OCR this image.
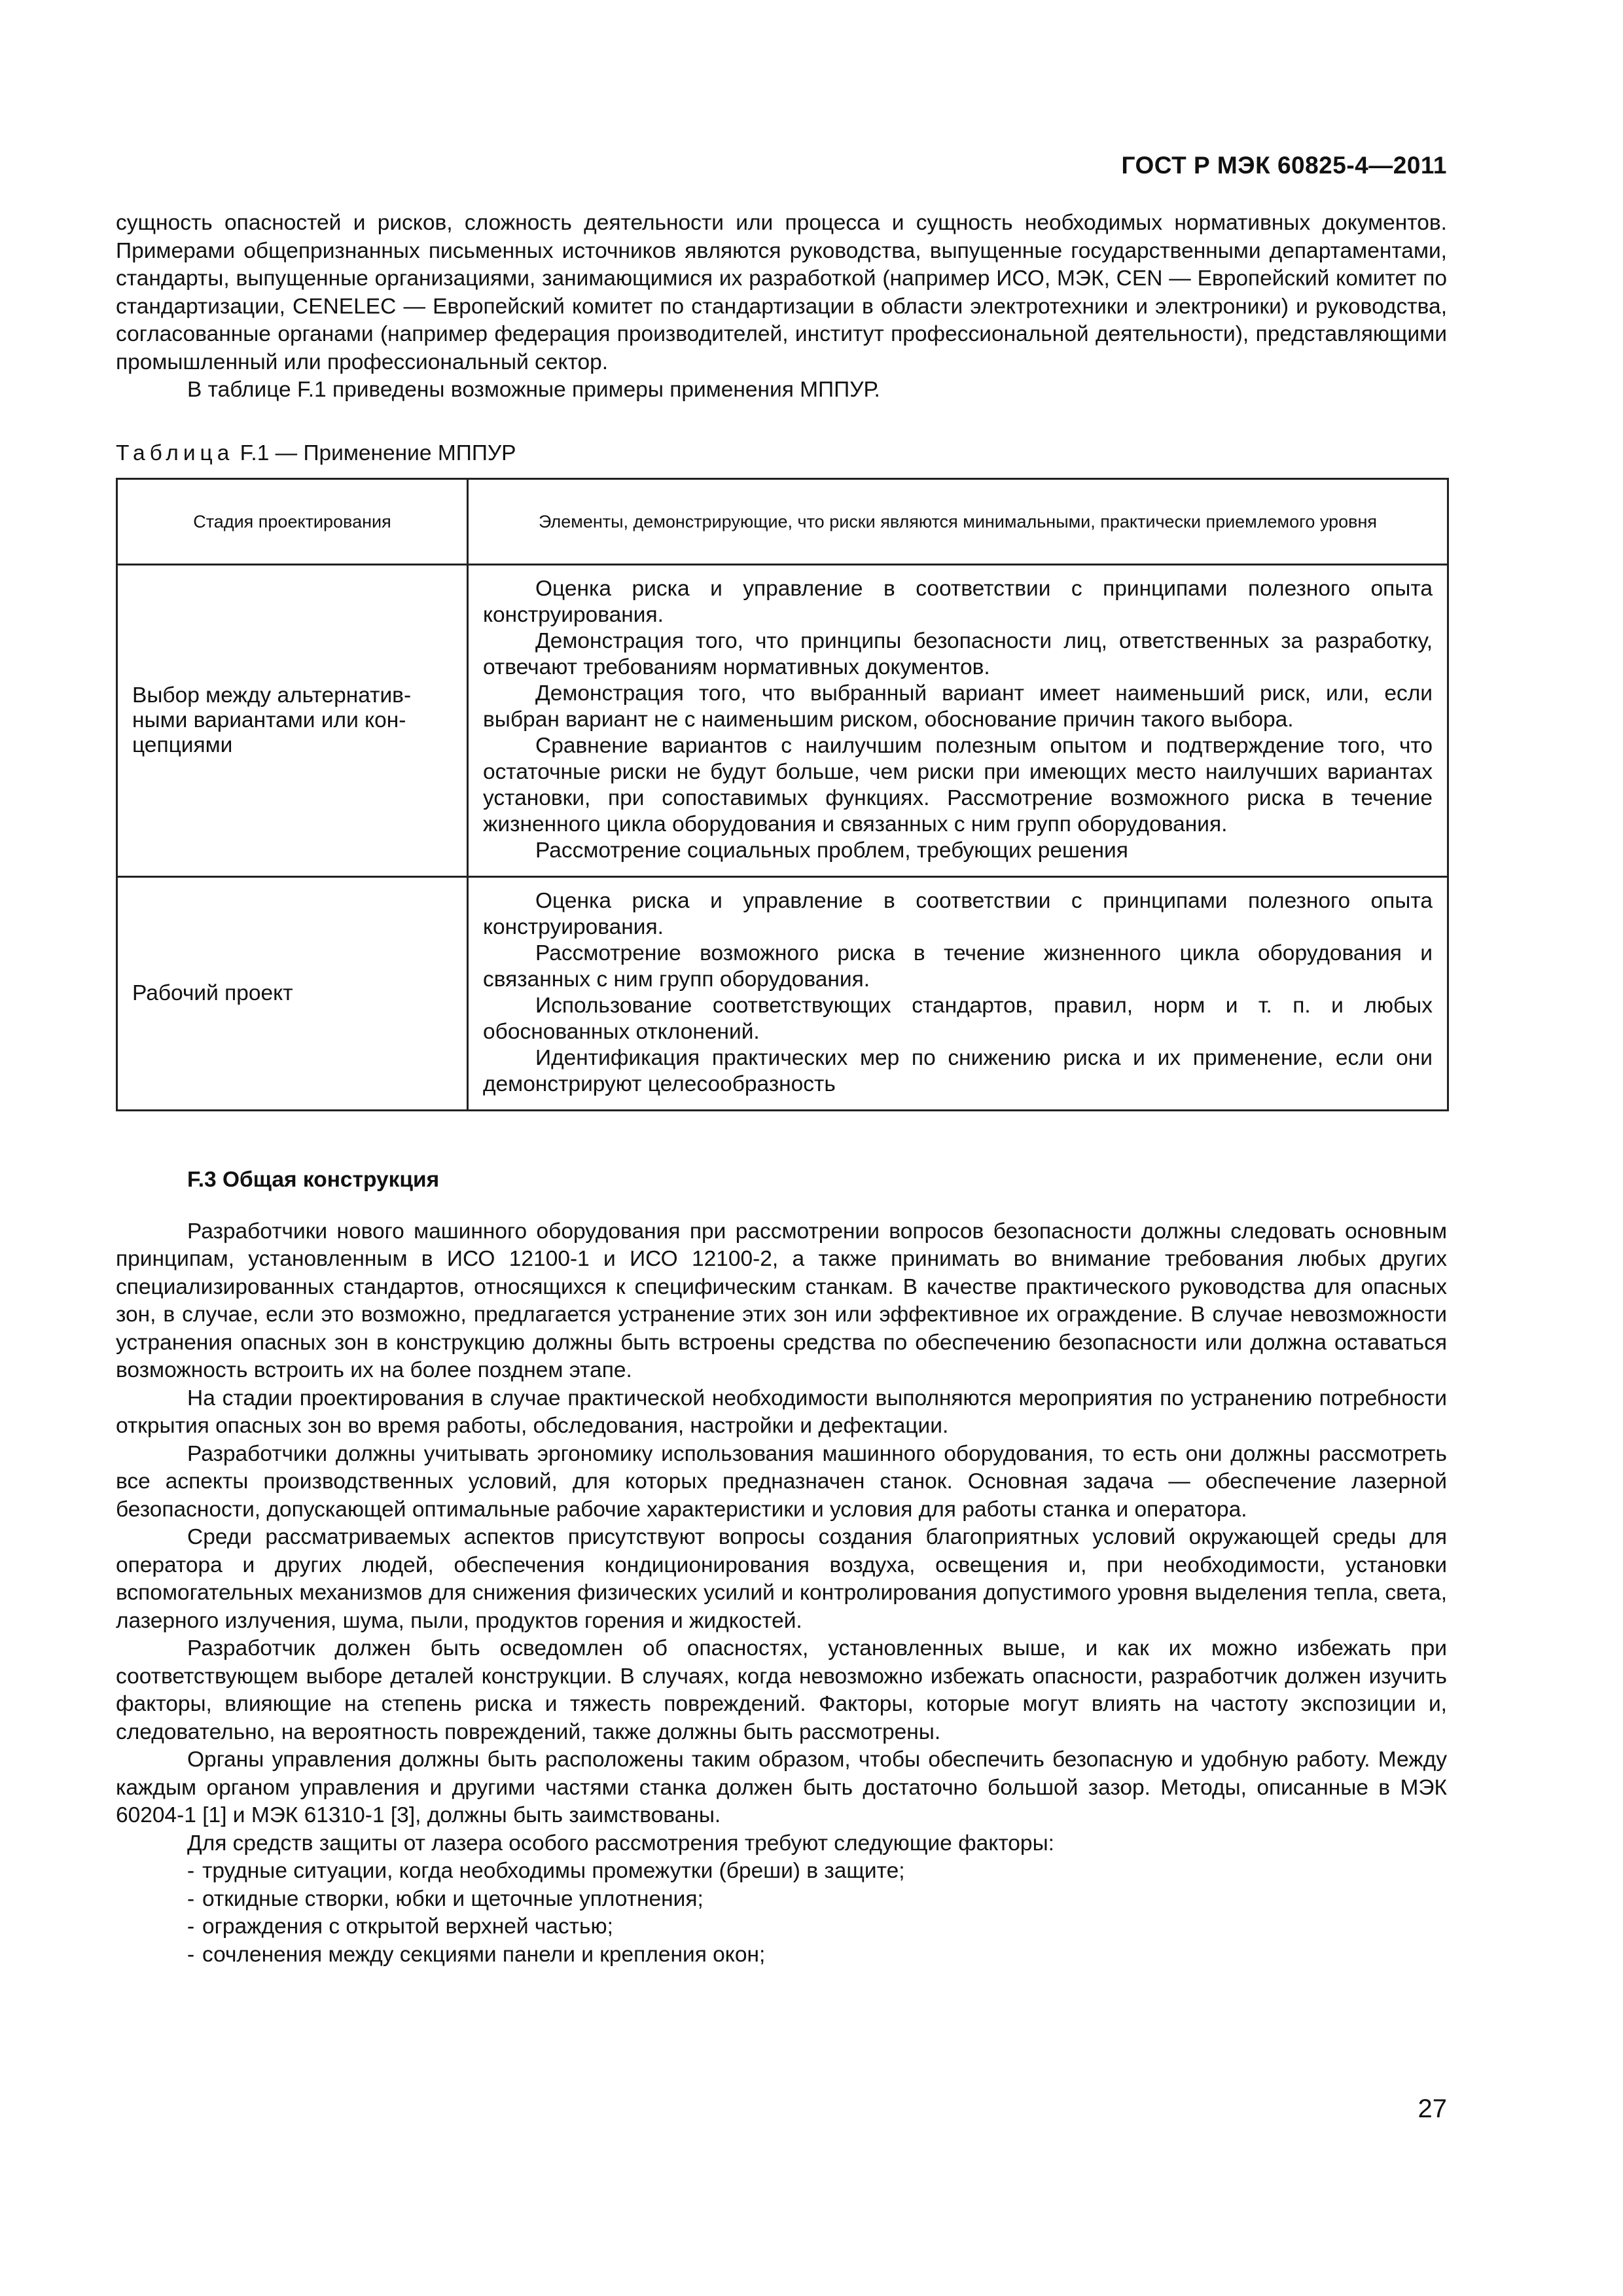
ГОСТ Р МЭК 60825-4—2011

сущность опасностей и рисков, сложность деятельности или процесса и сущность необходимых нормативных документов. Примерами общепризнанных письменных источников являются руководства, выпущенные государственными департаментами, стандарты, выпущенные организациями, занимающимися их разработкой (например ИСО, МЭК, CEN — Европейский комитет по стандартизации, CENELEC — Европейский комитет по стандартизации в области электротехники и электроники) и руководства, согласованные органами (например федерация производителей, институт профессиональной деятельности), представляющими промышленный или профессиональный сектор.

В таблице F.1 приведены возможные примеры применения МППУР.

Таблица F.1 — Применение МППУР
Стадия проектирования	Элементы, демонстрирующие, что риски являются минимальными, практически приемлемого уровня
Выбор между альтернатив- ными вариантами или кон- цепциями	Оценка риска и управление в соответствии с принципами полезного опыта конструирования.

Демонстрация того, что принципы безопасности лиц, ответственных за разработку, отвечают требованиям нормативных документов.

Демонстрация того, что выбранный вариант имеет наименьший риск, или, если выбран вариант не с наименьшим риском, обоснование причин такого выбора.

Сравнение вариантов с наилучшим полезным опытом и подтверждение того, что остаточные риски не будут больше, чем риски при имеющих место наилучших вариантах установки, при сопоставимых функциях. Рассмотрение возможного риска в течение жизненного цикла оборудования и связанных с ним групп оборудования.

Рассмотрение социальных проблем, требующих решения

Рабочий проект	Оценка риска и управление в соответствии с принципами полезного опыта конструирования.

Рассмотрение возможного риска в течение жизненного цикла оборудования и связанных с ним групп оборудования.

Использование соответствующих стандартов, правил, норм и т. п. и любых обоснованных отклонений.

Идентификация практических мер по снижению риска и их применение, если они демонстрируют целесообразность

F.3 Общая конструкция

Разработчики нового машинного оборудования при рассмотрении вопросов безопасности должны следовать основным принципам, установленным в ИСО 12100-1 и ИСО 12100-2, а также принимать во внимание требования любых других специализированных стандартов, относящихся к специфическим станкам. В качестве практического руководства для опасных зон, в случае, если это возможно, предлагается устранение этих зон или эффективное их ограждение. В случае невозможности устранения опасных зон в конструкцию должны быть встроены средства по обеспечению безопасности или должна оставаться возможность встроить их на более позднем этапе.

На стадии проектирования в случае практической необходимости выполняются мероприятия по устранению потребности открытия опасных зон во время работы, обследования, настройки и дефектации.

Разработчики должны учитывать эргономику использования машинного оборудования, то есть они должны рассмотреть все аспекты производственных условий, для которых предназначен станок. Основная задача — обеспечение лазерной безопасности, допускающей оптимальные рабочие характеристики и условия для работы станка и оператора.

Среди рассматриваемых аспектов присутствуют вопросы создания благоприятных условий окружающей среды для оператора и других людей, обеспечения кондиционирования воздуха, освещения и, при необходимости, установки вспомогательных механизмов для снижения физических усилий и контролирования допустимого уровня выделения тепла, света, лазерного излучения, шума, пыли, продуктов горения и жидкостей.

Разработчик должен быть осведомлен об опасностях, установленных выше, и как их можно избежать при соответствующем выборе деталей конструкции. В случаях, когда невозможно избежать опасности, разработчик должен изучить факторы, влияющие на степень риска и тяжесть повреждений. Факторы, которые могут влиять на частоту экспозиции и, следовательно, на вероятность повреждений, также должны быть рассмотрены.

Органы управления должны быть расположены таким образом, чтобы обеспечить безопасную и удобную работу. Между каждым органом управления и другими частями станка должен быть достаточно большой зазор. Методы, описанные в МЭК 60204-1 [1] и МЭК 61310-1 [3], должны быть заимствованы.

Для средств защиты от лазера особого рассмотрения требуют следующие факторы:

- трудные ситуации, когда необходимы промежутки (бреши) в защите;
- откидные створки, юбки и щеточные уплотнения;
- ограждения с открытой верхней частью;
- сочленения между секциями панели и крепления окон;
27
